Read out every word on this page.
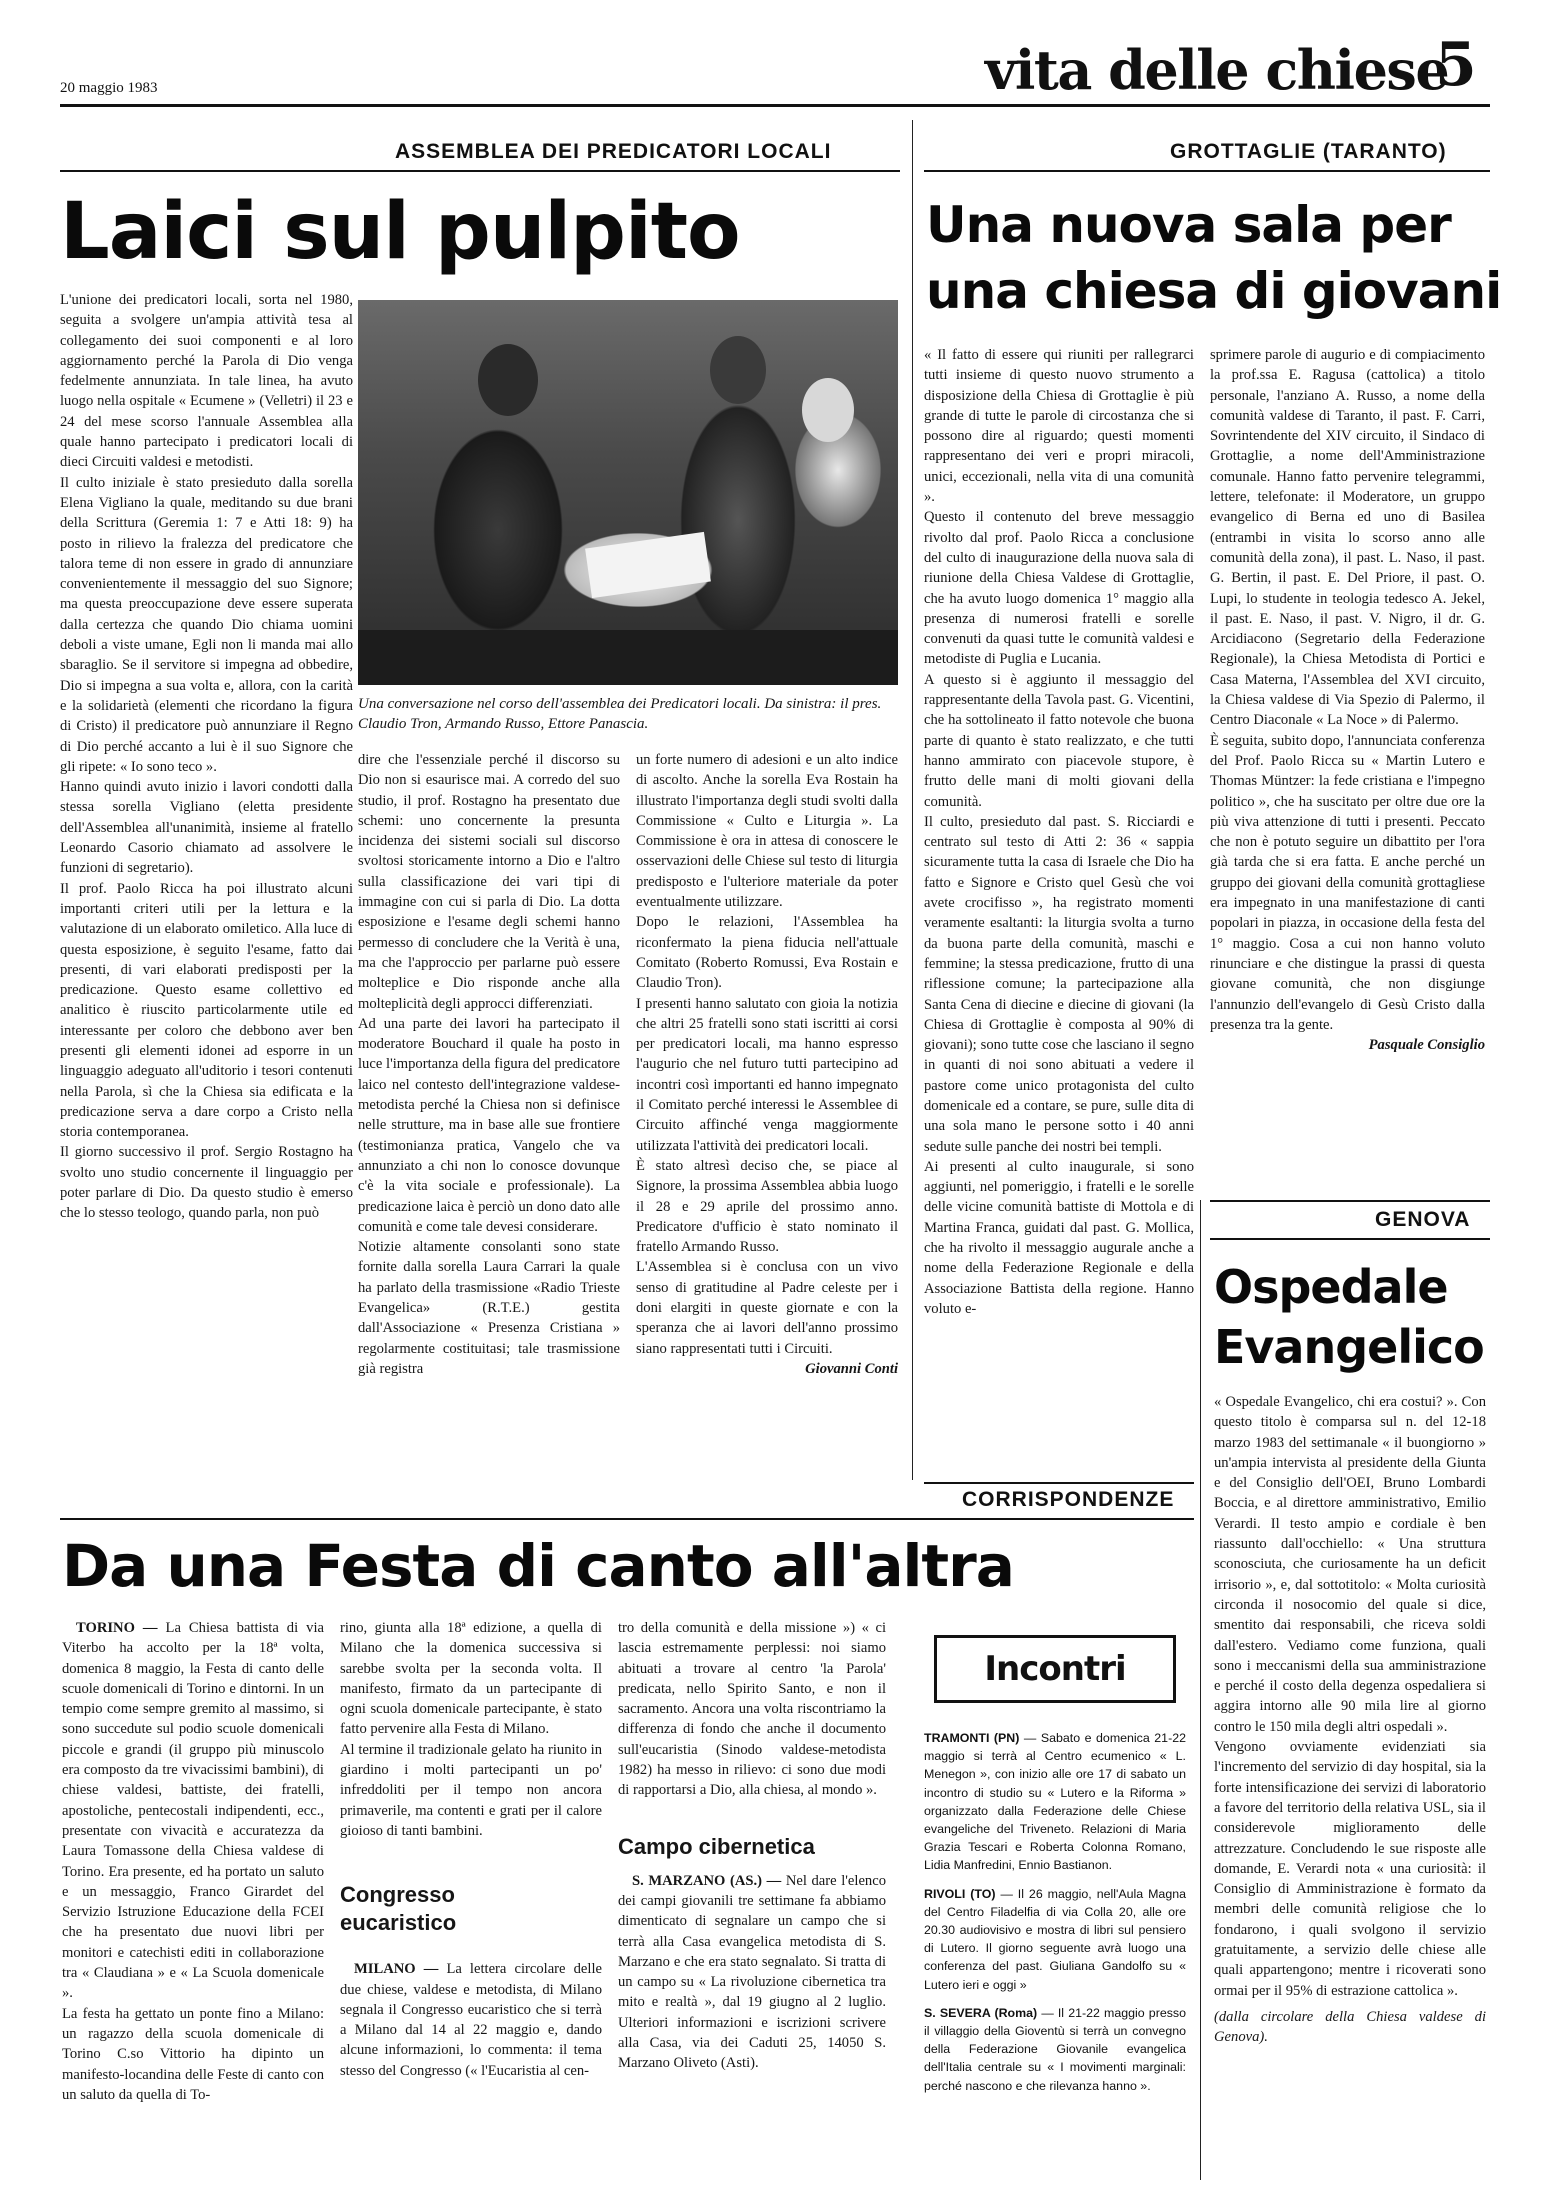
20 maggio 1983	vita delle chiese
5
ASSEMBLEA DEI PREDICATORI LOCALI
Laici sul pulpito
L'unione dei predicatori locali, sorta nel 1980, seguita a svolgere un'ampia attività tesa al collegamento dei suoi componenti e al loro aggiornamento perché la Parola di Dio venga fedelmente annunziata. In tale linea, ha avuto luogo nella ospitale « Ecumene » (Velletri) il 23 e 24 del mese scorso l'annuale Assemblea alla quale hanno partecipato i predicatori locali di dieci Circuiti valdesi e metodisti.
Il culto iniziale è stato presieduto dalla sorella Elena Vigliano la quale, meditando su due brani della Scrittura (Geremia 1: 7 e Atti 18: 9) ha posto in rilievo la fralezza del predicatore che talora teme di non essere in grado di annunziare convenientemente il messaggio del suo Signore; ma questa preoccupazione deve essere superata dalla certezza che quando Dio chiama uomini deboli a viste umane, Egli non li manda mai allo sbaraglio. Se il servitore si impegna ad obbedire, Dio si impegna a sua volta e, allora, con la carità e la solidarietà (elementi che ricordano la figura di Cristo) il predicatore può annunziare il Regno di Dio perché accanto a lui è il suo Signore che gli ripete: « Io sono teco ».
Hanno quindi avuto inizio i lavori condotti dalla stessa sorella Vigliano (eletta presidente dell'Assemblea all'unanimità, insieme al fratello Leonardo Casorio chiamato ad assolvere le funzioni di segretario).
Il prof. Paolo Ricca ha poi illustrato alcuni importanti criteri utili per la lettura e la valutazione di un elaborato omiletico. Alla luce di questa esposizione, è seguito l'esame, fatto dai presenti, di vari elaborati predisposti per la predicazione. Questo esame collettivo ed analitico è riuscito particolarmente utile ed interessante per coloro che debbono aver ben presenti gli elementi idonei ad esporre in un linguaggio adeguato all'uditorio i tesori contenuti nella Parola, sì che la Chiesa sia edificata e la predicazione serva a dare corpo a Cristo nella storia contemporanea.
Il giorno successivo il prof. Sergio Rostagno ha svolto uno studio concernente il linguaggio per poter parlare di Dio. Da questo studio è emerso che lo stesso teologo, quando parla, non può
Una conversazione nel corso dell'assemblea dei Predicatori locali. Da sinistra: il pres. Claudio Tron, Armando Russo, Ettore Panascia.
dire che l'essenziale perché il discorso su Dio non si esaurisce mai. A corredo del suo studio, il prof. Rostagno ha presentato due schemi: uno concernente la presunta incidenza dei sistemi sociali sul discorso svoltosi storicamente intorno a Dio e l'altro sulla classificazione dei vari tipi di immagine con cui si parla di Dio. La dotta esposizione e l'esame degli schemi hanno permesso di concludere che la Verità è una, ma che l'approccio per parlarne può essere molteplice e Dio risponde anche alla molteplicità degli approcci differenziati.
Ad una parte dei lavori ha partecipato il moderatore Bouchard il quale ha posto in luce l'importanza della figura del predicatore laico nel contesto dell'integrazione valdese-metodista perché la Chiesa non si definisce nelle strutture, ma in base alle sue frontiere (testimonianza pratica, Vangelo che va annunziato a chi non lo conosce dovunque c'è la vita sociale e professionale). La predicazione laica è perciò un dono dato alle comunità e come tale devesi considerare.
Notizie altamente consolanti sono state fornite dalla sorella Laura Carrari la quale ha parlato della trasmissione «Radio Trieste Evangelica» (R.T.E.) gestita dall'Associazione « Presenza Cristiana » regolarmente costituitasi; tale trasmissione già registra
un forte numero di adesioni e un alto indice di ascolto. Anche la sorella Eva Rostain ha illustrato l'importanza degli studi svolti dalla Commissione « Culto e Liturgia ». La Commissione è ora in attesa di conoscere le osservazioni delle Chiese sul testo di liturgia predisposto e l'ulteriore materiale da poter eventualmente utilizzare.
Dopo le relazioni, l'Assemblea ha riconfermato la piena fiducia nell'attuale Comitato (Roberto Romussi, Eva Rostain e Claudio Tron).
I presenti hanno salutato con gioia la notizia che altri 25 fratelli sono stati iscritti ai corsi per predicatori locali, ma hanno espresso l'augurio che nel futuro tutti partecipino ad incontri così importanti ed hanno impegnato il Comitato perché interessi le Assemblee di Circuito affinché venga maggiormente utilizzata l'attività dei predicatori locali.
È stato altresì deciso che, se piace al Signore, la prossima Assemblea abbia luogo il 28 e 29 aprile del prossimo anno. Predicatore d'ufficio è stato nominato il fratello Armando Russo.
L'Assemblea si è conclusa con un vivo senso di gratitudine al Padre celeste per i doni elargiti in queste giornate e con la speranza che ai lavori dell'anno prossimo siano rappresentati tutti i Circuiti.
Giovanni Conti
GROTTAGLIE (TARANTO)
Una nuova sala per
una chiesa di giovani
« Il fatto di essere qui riuniti per rallegrarci tutti insieme di questo nuovo strumento a disposizione della Chiesa di Grottaglie è più grande di tutte le parole di circostanza che si possono dire al riguardo; questi momenti rappresentano dei veri e propri miracoli, unici, eccezionali, nella vita di una comunità ».
Questo il contenuto del breve messaggio rivolto dal prof. Paolo Ricca a conclusione del culto di inaugurazione della nuova sala di riunione della Chiesa Valdese di Grottaglie, che ha avuto luogo domenica 1° maggio alla presenza di numerosi fratelli e sorelle convenuti da quasi tutte le comunità valdesi e metodiste di Puglia e Lucania.
A questo si è aggiunto il messaggio del rappresentante della Tavola past. G. Vicentini, che ha sottolineato il fatto notevole che buona parte di quanto è stato realizzato, e che tutti hanno ammirato con piacevole stupore, è frutto delle mani di molti giovani della comunità.
Il culto, presieduto dal past. S. Ricciardi e centrato sul testo di Atti 2: 36 « sappia sicuramente tutta la casa di Israele che Dio ha fatto e Signore e Cristo quel Gesù che voi avete crocifisso », ha registrato momenti veramente esaltanti: la liturgia svolta a turno da buona parte della comunità, maschi e femmine; la stessa predicazione, frutto di una riflessione comune; la partecipazione alla Santa Cena di diecine e diecine di giovani (la Chiesa di Grottaglie è composta al 90% di giovani); sono tutte cose che lasciano il segno in quanti di noi sono abituati a vedere il pastore come unico protagonista del culto domenicale ed a contare, se pure, sulle dita di una sola mano le persone sotto i 40 anni sedute sulle panche dei nostri bei templi.
Ai presenti al culto inaugurale, si sono aggiunti, nel pomeriggio, i fratelli e le sorelle delle vicine comunità battiste di Mottola e di Martina Franca, guidati dal past. G. Mollica, che ha rivolto il messaggio augurale anche a nome della Federazione Regionale e della Associazione Battista della regione. Hanno voluto e-
sprimere parole di augurio e di compiacimento la prof.ssa E. Ragusa (cattolica) a titolo personale, l'anziano A. Russo, a nome della comunità valdese di Taranto, il past. F. Carri, Sovrintendente del XIV circuito, il Sindaco di Grottaglie, a nome dell'Amministrazione comunale. Hanno fatto pervenire telegrammi, lettere, telefonate: il Moderatore, un gruppo evangelico di Berna ed uno di Basilea (entrambi in visita lo scorso anno alle comunità della zona), il past. L. Naso, il past. G. Bertin, il past. E. Del Priore, il past. O. Lupi, lo studente in teologia tedesco A. Jekel, il past. E. Naso, il past. V. Nigro, il dr. G. Arcidiacono (Segretario della Federazione Regionale), la Chiesa Metodista di Portici e Casa Materna, l'Assemblea del XVI circuito, la Chiesa valdese di Via Spezio di Palermo, il Centro Diaconale « La Noce » di Palermo.
È seguita, subito dopo, l'annunciata conferenza del Prof. Paolo Ricca su « Martin Lutero e Thomas Müntzer: la fede cristiana e l'impegno politico », che ha suscitato per oltre due ore la più viva attenzione di tutti i presenti. Peccato che non è potuto seguire un dibattito per l'ora già tarda che si era fatta. E anche perché un gruppo dei giovani della comunità grottagliese era impegnato in una manifestazione di canti popolari in piazza, in occasione della festa del 1° maggio. Cosa a cui non hanno voluto rinunciare e che distingue la prassi di questa giovane comunità, che non disgiunge l'annunzio dell'evangelo di Gesù Cristo dalla presenza tra la gente.
Pasquale Consiglio
GENOVA
Ospedale
Evangelico
« Ospedale Evangelico, chi era costui? ». Con questo titolo è comparsa sul n. del 12-18 marzo 1983 del settimanale « il buongiorno » un'ampia intervista al presidente della Giunta e del Consiglio dell'OEI, Bruno Lombardi Boccia, e al direttore amministrativo, Emilio Verardi. Il testo ampio e cordiale è ben riassunto dall'occhiello: « Una struttura sconosciuta, che curiosamente ha un deficit irrisorio », e, dal sottotitolo: « Molta curiosità circonda il nosocomio del quale si dice, smentito dai responsabili, che riceva soldi dall'estero. Vediamo come funziona, quali sono i meccanismi della sua amministrazione e perché il costo della degenza ospedaliera si aggira intorno alle 90 mila lire al giorno contro le 150 mila degli altri ospedali ».
Vengono ovviamente evidenziati sia l'incremento del servizio di day hospital, sia la forte intensificazione dei servizi di laboratorio a favore del territorio della relativa USL, sia il considerevole miglioramento delle attrezzature. Concludendo le sue risposte alle domande, E. Verardi nota « una curiosità: il Consiglio di Amministrazione è formato da membri delle comunità religiose che lo fondarono, i quali svolgono il servizio gratuitamente, a servizio delle chiese alle quali appartengono; mentre i ricoverati sono ormai per il 95% di estrazione cattolica ».
(dalla circolare della Chiesa valdese di Genova).
CORRISPONDENZE
Da una Festa di canto all'altra
TORINO — La Chiesa battista di via Viterbo ha accolto per la 18ª volta, domenica 8 maggio, la Festa di canto delle scuole domenicali di Torino e dintorni. In un tempio come sempre gremito al massimo, si sono succedute sul podio scuole domenicali piccole e grandi (il gruppo più minuscolo era composto da tre vivacissimi bambini), di chiese valdesi, battiste, dei fratelli, apostoliche, pentecostali indipendenti, ecc., presentate con vivacità e accuratezza da Laura Tomassone della Chiesa valdese di Torino. Era presente, ed ha portato un saluto e un messaggio, Franco Girardet del Servizio Istruzione Educazione della FCEI che ha presentato due nuovi libri per monitori e catechisti editi in collaborazione tra « Claudiana » e « La Scuola domenicale ».
La festa ha gettato un ponte fino a Milano: un ragazzo della scuola domenicale di Torino C.so Vittorio ha dipinto un manifesto-locandina delle Feste di canto con un saluto da quella di To-
rino, giunta alla 18ª edizione, a quella di Milano che la domenica successiva si sarebbe svolta per la seconda volta. Il manifesto, firmato da un partecipante di ogni scuola domenicale partecipante, è stato fatto pervenire alla Festa di Milano.
Al termine il tradizionale gelato ha riunito in giardino i molti partecipanti un po' infreddoliti per il tempo non ancora primaverile, ma contenti e grati per il calore gioioso di tanti bambini.
Congresso
eucaristico
MILANO — La lettera circolare delle due chiese, valdese e metodista, di Milano segnala il Congresso eucaristico che si terrà a Milano dal 14 al 22 maggio e, dando alcune informazioni, lo commenta: il tema stesso del Congresso (« l'Eucaristia al cen-
tro della comunità e della missione ») « ci lascia estremamente perplessi: noi siamo abituati a trovare al centro 'la Parola' predicata, nello Spirito Santo, e non il sacramento. Ancora una volta riscontriamo la differenza di fondo che anche il documento sull'eucaristia (Sinodo valdese-metodista 1982) ha messo in rilievo: ci sono due modi di rapportarsi a Dio, alla chiesa, al mondo ».
Campo cibernetica
S. MARZANO (AS.) — Nel dare l'elenco dei campi giovanili tre settimane fa abbiamo dimenticato di segnalare un campo che si terrà alla Casa evangelica metodista di S. Marzano e che era stato segnalato. Si tratta di un campo su « La rivoluzione cibernetica tra mito e realtà », dal 19 giugno al 2 luglio. Ulteriori informazioni e iscrizioni scrivere alla Casa, via dei Caduti 25, 14050 S. Marzano Oliveto (Asti).
Incontri

TRAMONTI (PN) — Sabato e domenica 21-22 maggio si terrà al Centro ecumenico « L. Menegon », con inizio alle ore 17 di sabato un incontro di studio su « Lutero e la Riforma » organizzato dalla Federazione delle Chiese evangeliche del Triveneto. Relazioni di Maria Grazia Tescari e Roberta Colonna Romano, Lidia Manfredini, Ennio Bastianon.

RIVOLI (TO) — Il 26 maggio, nell'Aula Magna del Centro Filadelfia di via Colla 20, alle ore 20.30 audiovisivo e mostra di libri sul pensiero di Lutero. Il giorno seguente avrà luogo una conferenza del past. Giuliana Gandolfo su « Lutero ieri e oggi »

S. SEVERA (Roma) — Il 21-22 maggio presso il villaggio della Gioventù si terrà un convegno della Federazione Giovanile evangelica dell'Italia centrale su « I movimenti marginali: perché nascono e che rilevanza hanno ».
